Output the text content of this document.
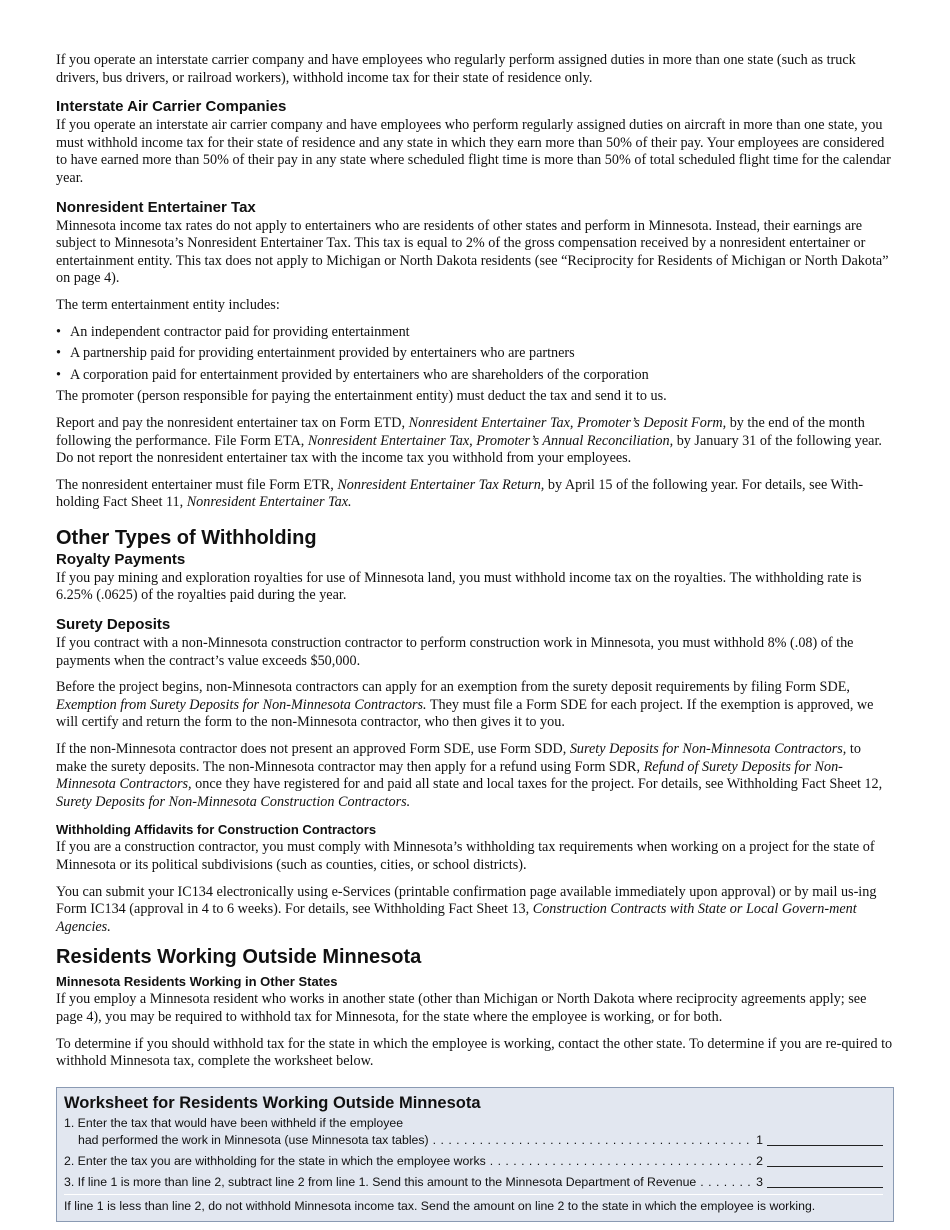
If you operate an interstate carrier company and have employees who regularly perform assigned duties in more than one state (such as truck drivers, bus drivers, or railroad workers), withhold income tax for their state of residence only.

Interstate Air Carrier Companies

If you operate an interstate air carrier company and have employees who perform regularly assigned duties on aircraft in more than one state, you must withhold income tax for their state of residence and any state in which they earn more than 50% of their pay. Your employees are considered to have earned more than 50% of their pay in any state where scheduled flight time is more than 50% of total scheduled flight time for the calendar year.

Nonresident Entertainer Tax

Minnesota income tax rates do not apply to entertainers who are residents of other states and perform in Minnesota. Instead, their earnings are subject to Minnesota’s Nonresident Entertainer Tax. This tax is equal to 2% of the gross compensation received by a nonresident entertainer or entertainment entity. This tax does not apply to Michigan or North Dakota residents (see “Reciprocity for Residents of Michigan or North Dakota” on page 4).

The term entertainment entity includes:

• An independent contractor paid for providing entertainment
• A partnership paid for providing entertainment provided by entertainers who are partners
• A corporation paid for entertainment provided by entertainers who are shareholders of the corporation

The promoter (person responsible for paying the entertainment entity) must deduct the tax and send it to us.

Report and pay the nonresident entertainer tax on Form ETD, Nonresident Entertainer Tax, Promoter’s Deposit Form, by the end of the month following the performance. File Form ETA, Nonresident Entertainer Tax, Promoter’s Annual Reconciliation, by January 31 of the following year. Do not report the nonresident entertainer tax with the income tax you withhold from your employees.

The nonresident entertainer must file Form ETR, Nonresident Entertainer Tax Return, by April 15 of the following year. For details, see With-holding Fact Sheet 11, Nonresident Entertainer Tax.

Other Types of Withholding
Royalty Payments

If you pay mining and exploration royalties for use of Minnesota land, you must withhold income tax on the royalties. The withholding rate is 6.25% (.0625) of the royalties paid during the year.

Surety Deposits

If you contract with a non-Minnesota construction contractor to perform construction work in Minnesota, you must withhold 8% (.08) of the payments when the contract’s value exceeds $50,000.

Before the project begins, non-Minnesota contractors can apply for an exemption from the surety deposit requirements by filing Form SDE, Exemption from Surety Deposits for Non-Minnesota Contractors. They must file a Form SDE for each project. If the exemption is approved, we will certify and return the form to the non-Minnesota contractor, who then gives it to you.

If the non-Minnesota contractor does not present an approved Form SDE, use Form SDD, Surety Deposits for Non-Minnesota Contractors, to make the surety deposits. The non-Minnesota contractor may then apply for a refund using Form SDR, Refund of Surety Deposits for Non-Minnesota Contractors, once they have registered for and paid all state and local taxes for the project. For details, see Withholding Fact Sheet 12, Surety Deposits for Non-Minnesota Construction Contractors.

Withholding Affidavits for Construction Contractors

If you are a construction contractor, you must comply with Minnesota’s withholding tax requirements when working on a project for the state of Minnesota or its political subdivisions (such as counties, cities, or school districts).

You can submit your IC134 electronically using e-Services (printable confirmation page available immediately upon approval) or by mail us-ing Form IC134 (approval in 4 to 6 weeks). For details, see Withholding Fact Sheet 13, Construction Contracts with State or Local Govern-ment Agencies.

Residents Working Outside Minnesota
Minnesota Residents Working in Other States

If you employ a Minnesota resident who works in another state (other than Michigan or North Dakota where reciprocity agreements apply; see page 4), you may be required to withhold tax for Minnesota, for the state where the employee is working, or for both.

To determine if you should withhold tax for the state in which the employee is working, contact the other state. To determine if you are re-quired to withhold Minnesota tax, complete the worksheet below.

Worksheet for Residents Working Outside Minnesota
1. Enter the tax that would have been withheld if the employee
had performed the work in Minnesota (use Minnesota tax tables) . . .	1
2. Enter the tax you are withholding for the state in which the employee works . . .	2
3. If line 1 is more than line 2, subtract line 2 from line 1. Send this amount to the Minnesota Department of Revenue . . .	3
If line 1 is less than line 2, do not withhold Minnesota income tax. Send the amount on line 2 to the state in which the employee is working.
